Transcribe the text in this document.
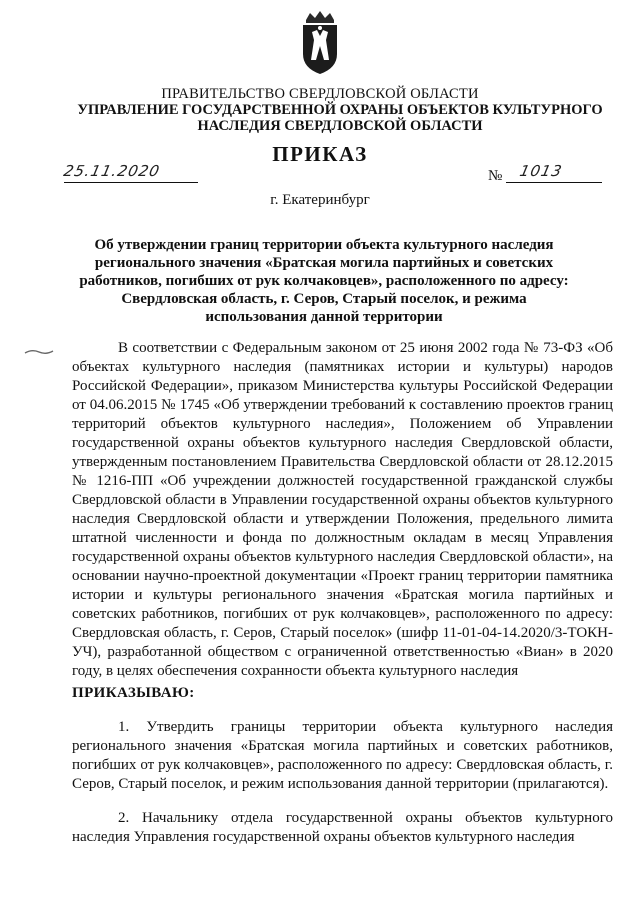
ПРАВИТЕЛЬСТВО СВЕРДЛОВСКОЙ ОБЛАСТИ
УПРАВЛЕНИЕ ГОСУДАРСТВЕННОЙ ОХРАНЫ ОБЪЕКТОВ КУЛЬТУРНОГО НАСЛЕДИЯ СВЕРДЛОВСКОЙ ОБЛАСТИ
ПРИКАЗ
25.11.2020	№ 1013
г. Екатеринбург
Об утверждении границ территории объекта культурного наследия регионального значения «Братская могила партийных и советских работников, погибших от рук колчаковцев», расположенного по адресу: Свердловская область, г. Серов, Старый поселок, и режима использования данной территории

В соответствии с Федеральным законом от 25 июня 2002 года № 73-ФЗ «Об объектах культурного наследия (памятниках истории и культуры) народов Российской Федерации», приказом Министерства культуры Российской Федерации от 04.06.2015 № 1745 «Об утверждении требований к составлению проектов границ территорий объектов культурного наследия», Положением об Управлении государственной охраны объектов культурного наследия Свердловской области, утвержденным постановлением Правительства Свердловской области от 28.12.2015 № 1216-ПП «Об учреждении должностей государственной гражданской службы Свердловской области в Управлении государственной охраны объектов культурного наследия Свердловской области и утверждении Положения, предельного лимита штатной численности и фонда по должностным окладам в месяц Управления государственной охраны объектов культурного наследия Свердловской области», на основании научно-проектной документации «Проект границ территории памятника истории и культуры регионального значения «Братская могила партийных и советских работников, погибших от рук колчаковцев», расположенного по адресу: Свердловская область, г. Серов, Старый поселок» (шифр 11-01-04-14.2020/3-ТОКН-УЧ), разработанной обществом с ограниченной ответственностью «Виан» в 2020 году, в целях обеспечения сохранности объекта культурного наследия

ПРИКАЗЫВАЮ:

1. Утвердить границы территории объекта культурного наследия регионального значения «Братская могила партийных и советских работников, погибших от рук колчаковцев», расположенного по адресу: Свердловская область, г. Серов, Старый поселок, и режим использования данной территории (прилагаются).

2. Начальнику отдела государственной охраны объектов культурного наследия Управления государственной охраны объектов культурного наследия
